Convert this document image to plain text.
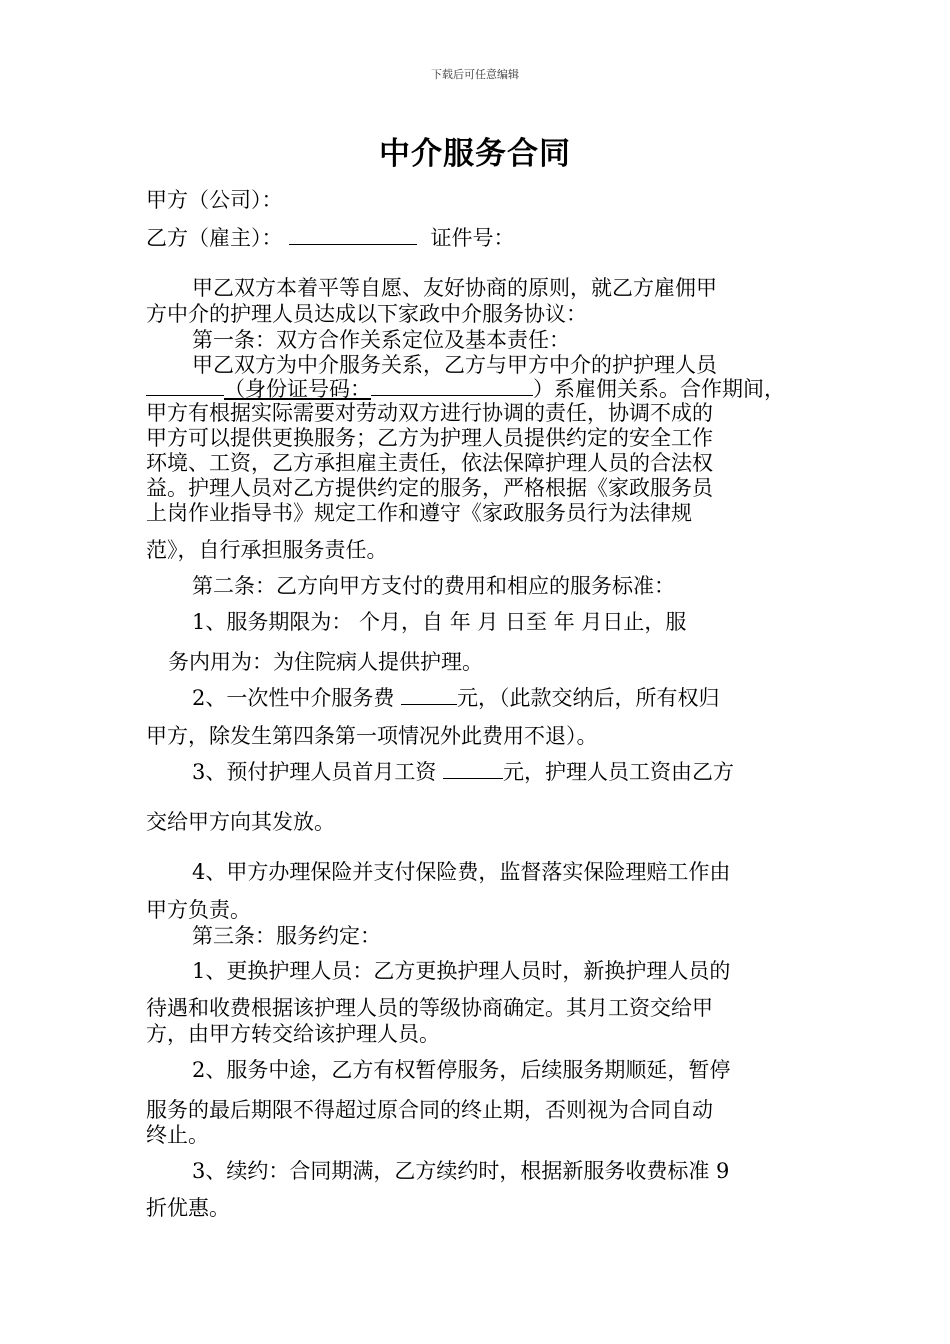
下载后可任意编辑
中介服务合同
甲方（公司）：
乙方（雇主）：	证件号：
甲乙双方本着平等自愿、友好协商的原则，就乙方雇佣甲
方中介的护理人员达成以下家政中介服务协议：
第一条：双方合作关系定位及基本责任：
甲乙双方为中介服务关系，乙方与甲方中介的护护理人员
（身份证号码：	）系雇佣关系。合作期间，
甲方有根据实际需要对劳动双方进行协调的责任，协调不成的
甲方可以提供更换服务；乙方为护理人员提供约定的安全工作
环境、工资，乙方承担雇主责任，依法保障护理人员的合法权
益。护理人员对乙方提供约定的服务，严格根据《家政服务员
上岗作业指导书》规定工作和遵守《家政服务员行为法律规
范》，自行承担服务责任。
第二条：乙方向甲方支付的费用和相应的服务标准：
1、服务期限为： 个月，自 年 月 日至 年 月日止，服
务内用为：为住院病人提供护理。
2、一次性中介服务费	元，（此款交纳后，所有权归
甲方，除发生第四条第一项情况外此费用不退）。
3、预付护理人员首月工资	元，护理人员工资由乙方
交给甲方向其发放。
4、甲方办理保险并支付保险费，监督落实保险理赔工作由
甲方负责。
第三条：服务约定：
1、更换护理人员：乙方更换护理人员时，新换护理人员的
待遇和收费根据该护理人员的等级协商确定。其月工资交给甲
方，由甲方转交给该护理人员。
2、服务中途，乙方有权暂停服务，后续服务期顺延，暂停
服务的最后期限不得超过原合同的终止期，否则视为合同自动
终止。
3、续约：合同期满，乙方续约时，根据新服务收费标准 9
折优惠。
